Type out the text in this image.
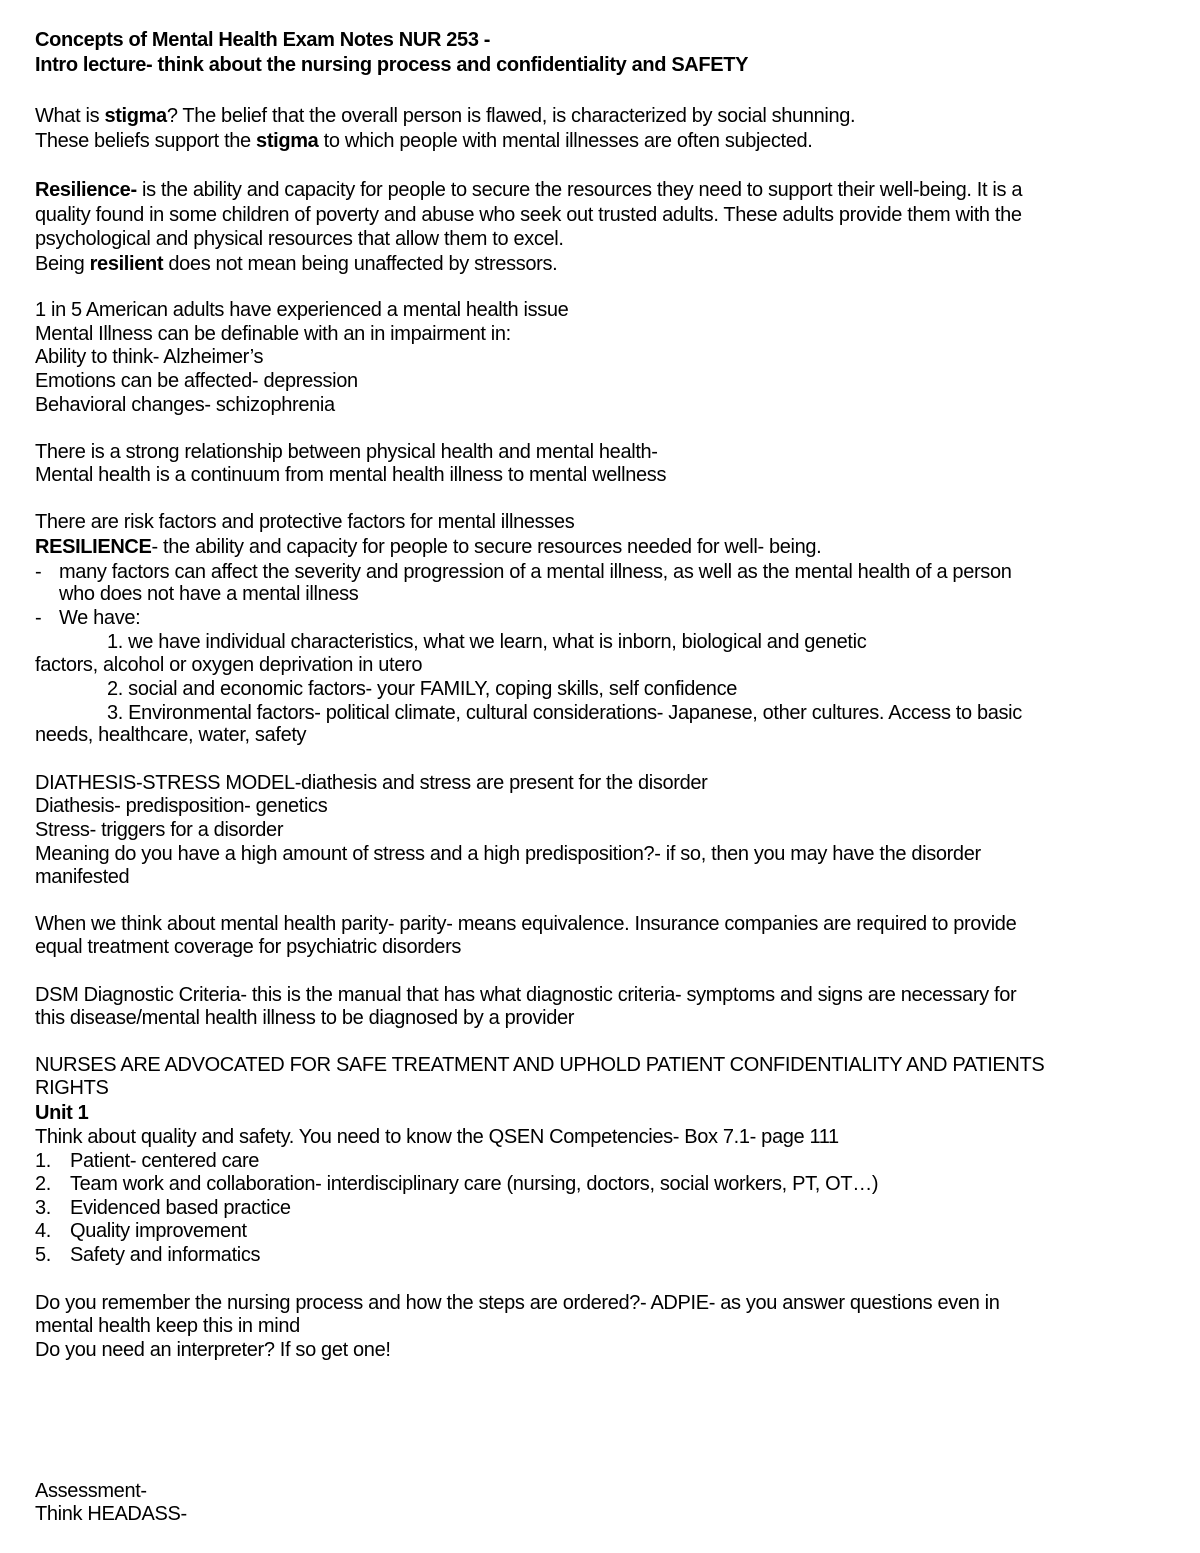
Concepts of Mental Health Exam Notes NUR 253 -
Intro lecture- think about the nursing process and confidentiality and SAFETY
What is stigma? The belief that the overall person is flawed, is characterized by social shunning.
These beliefs support the stigma to which people with mental illnesses are often subjected.
Resilience- is the ability and capacity for people to secure the resources they need to support their well-being. It is a
quality found in some children of poverty and abuse who seek out trusted adults. These adults provide them with the
psychological and physical resources that allow them to excel.
Being resilient does not mean being unaffected by stressors.
1 in 5 American adults have experienced a mental health issue
Mental Illness can be definable with an in impairment in:
Ability to think- Alzheimer’s
Emotions can be affected- depression
Behavioral changes- schizophrenia
There is a strong relationship between physical health and mental health-
Mental health is a continuum from mental health illness to mental wellness
There are risk factors and protective factors for mental illnesses
RESILIENCE- the ability and capacity for people to secure resources needed for well- being.
- many factors can affect the severity and progression of a mental illness, as well as the mental health of a person
who does not have a mental illness
- We have:
1. we have individual characteristics, what we learn, what is inborn, biological and genetic
factors, alcohol or oxygen deprivation in utero
2. social and economic factors- your FAMILY, coping skills, self confidence
3. Environmental factors- political climate, cultural considerations- Japanese, other cultures. Access to basic
needs, healthcare, water, safety
DIATHESIS-STRESS MODEL-diathesis and stress are present for the disorder
Diathesis- predisposition- genetics
Stress- triggers for a disorder
Meaning do you have a high amount of stress and a high predisposition?- if so, then you may have the disorder
manifested
When we think about mental health parity- parity- means equivalence. Insurance companies are required to provide
equal treatment coverage for psychiatric disorders
DSM Diagnostic Criteria- this is the manual that has what diagnostic criteria- symptoms and signs are necessary for
this disease/mental health illness to be diagnosed by a provider
NURSES ARE ADVOCATED FOR SAFE TREATMENT AND UPHOLD PATIENT CONFIDENTIALITY AND PATIENTS
RIGHTS
Unit 1
Think about quality and safety. You need to know the QSEN Competencies- Box 7.1- page 111
1. Patient- centered care
2. Team work and collaboration- interdisciplinary care (nursing, doctors, social workers, PT, OT…)
3. Evidenced based practice
4. Quality improvement
5. Safety and informatics
Do you remember the nursing process and how the steps are ordered?- ADPIE- as you answer questions even in
mental health keep this in mind
Do you need an interpreter? If so get one!
Assessment-
Think HEADASS-
